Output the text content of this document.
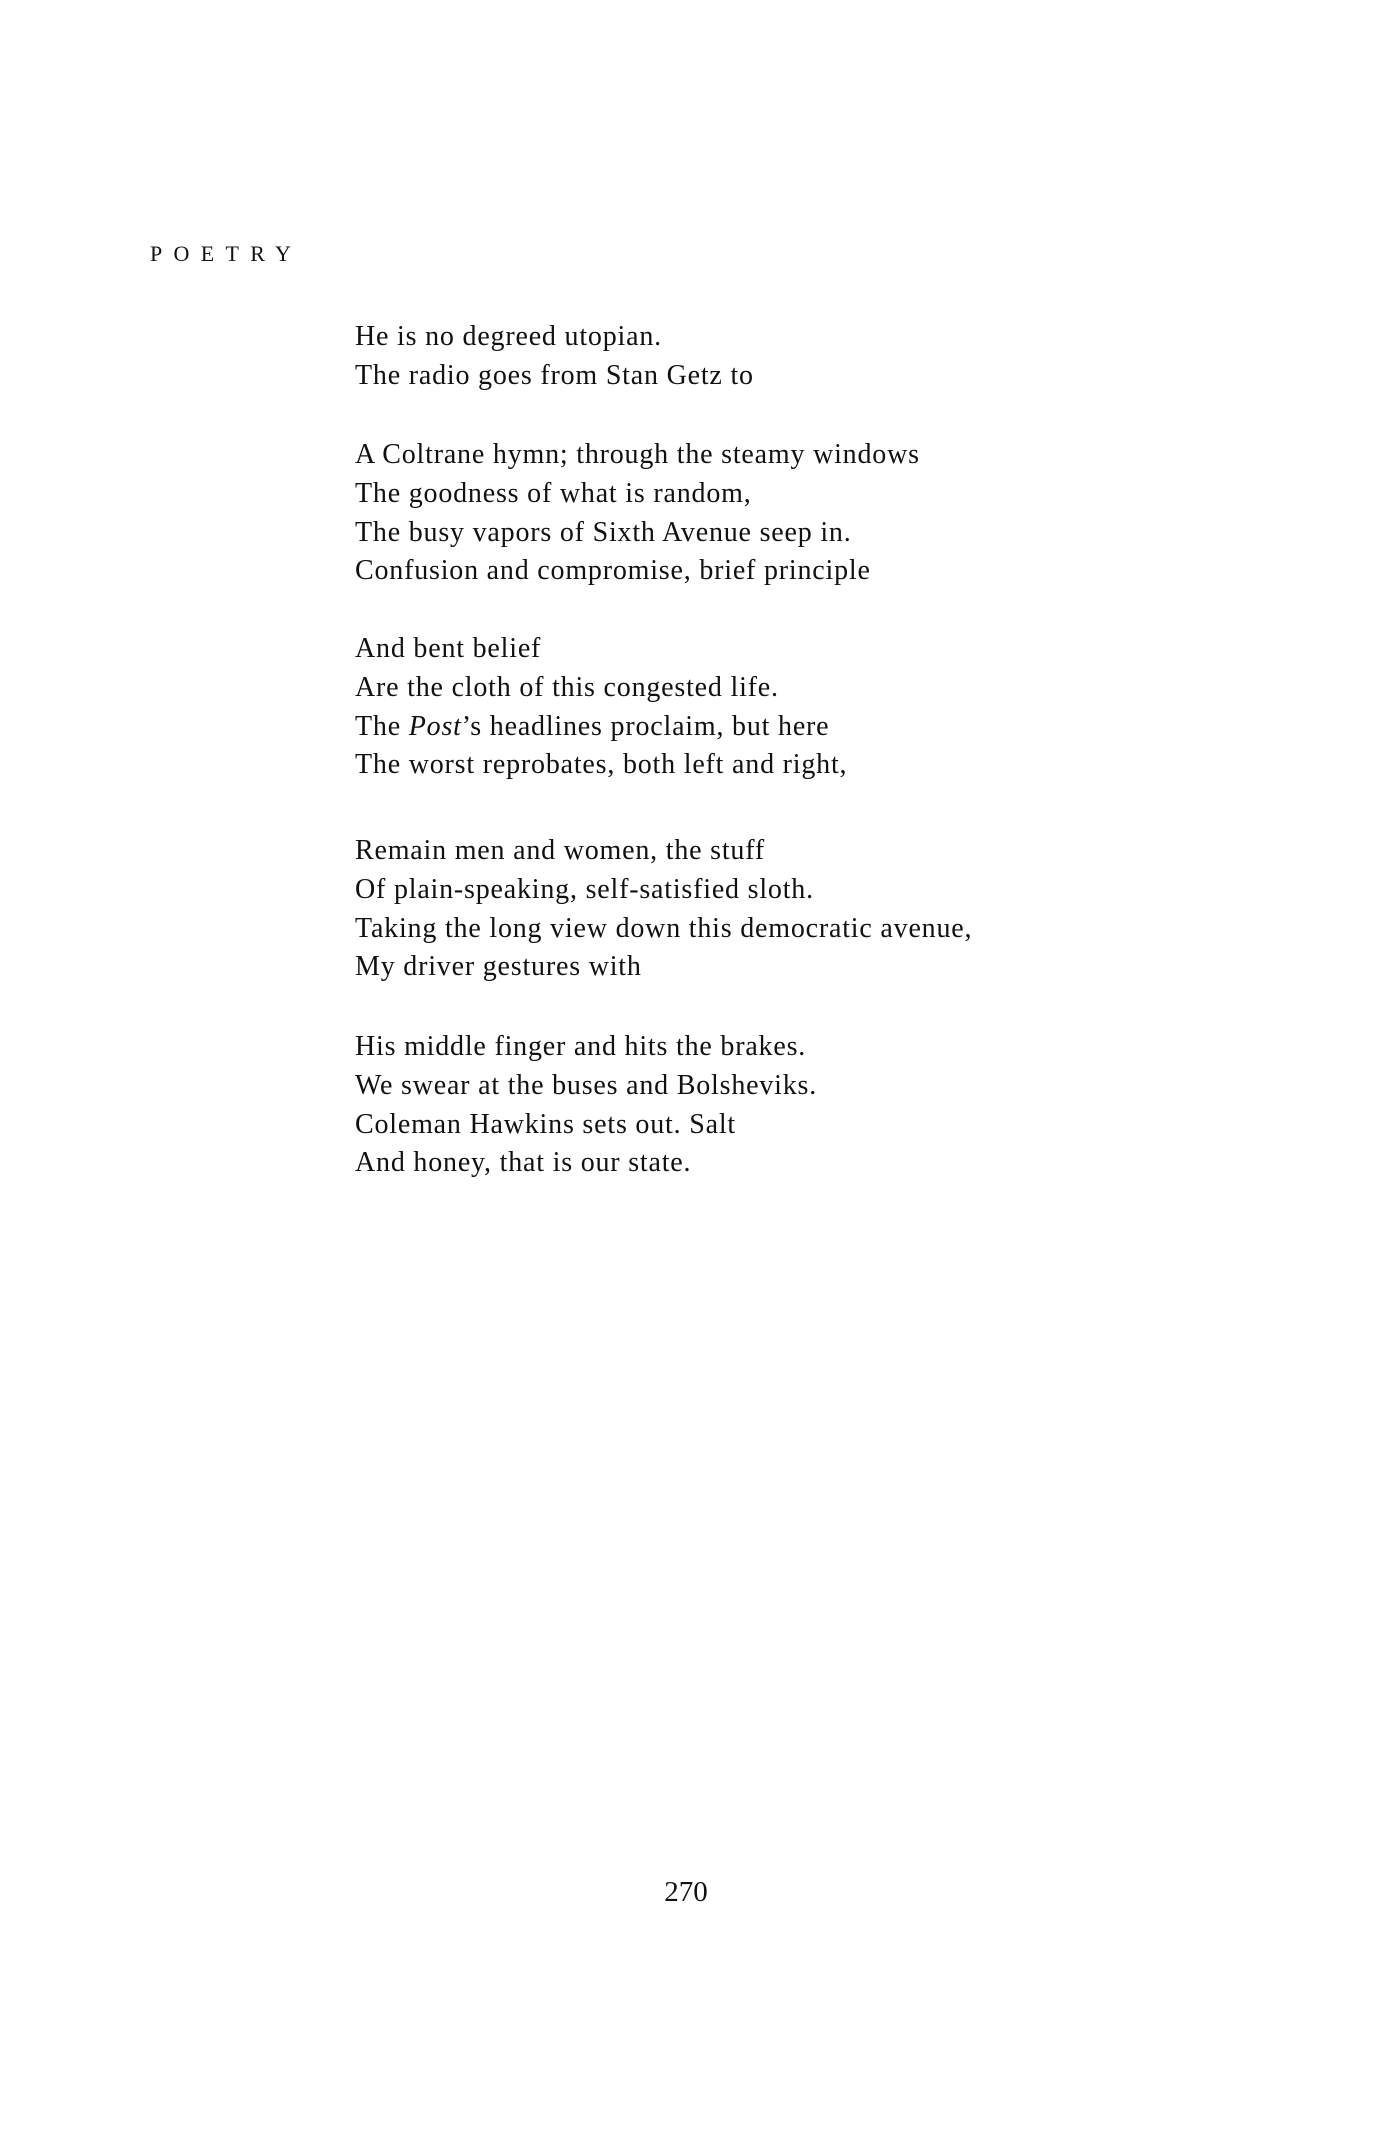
POETRY
He is no degreed utopian.
The radio goes from Stan Getz to
A Coltrane hymn; through the steamy windows
The goodness of what is random,
The busy vapors of Sixth Avenue seep in.
Confusion and compromise, brief principle
And bent belief
Are the cloth of this congested life.
The Post’s headlines proclaim, but here
The worst reprobates, both left and right,
Remain men and women, the stuff
Of plain-speaking, self-satisfied sloth.
Taking the long view down this democratic avenue,
My driver gestures with
His middle finger and hits the brakes.
We swear at the buses and Bolsheviks.
Coleman Hawkins sets out. Salt
And honey, that is our state.
270
